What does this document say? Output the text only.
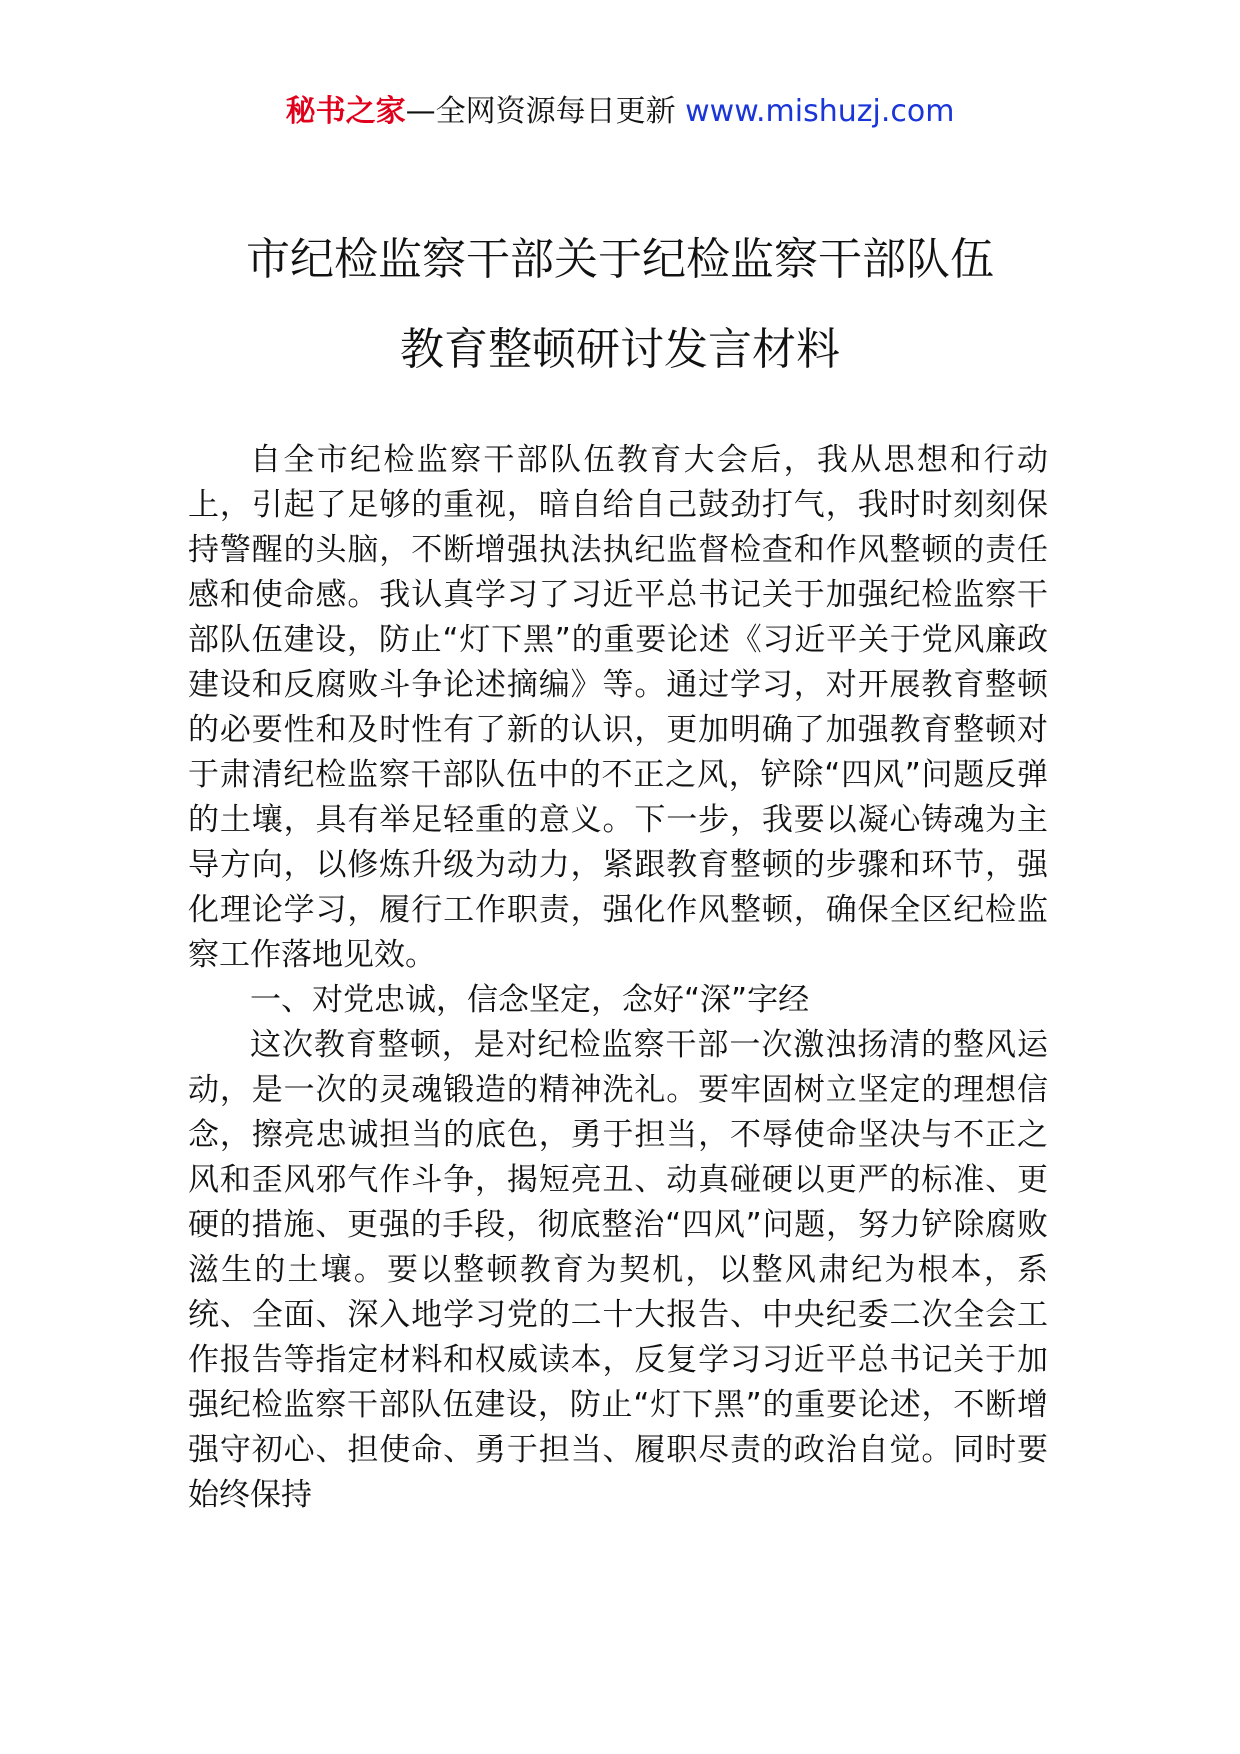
秘书之家—全网资源每日更新 www.mishuzj.com
市纪检监察干部关于纪检监察干部队伍
教育整顿研讨发言材料

自全市纪检监察干部队伍教育大会后，我从思想和行动上，引起了足够的重视，暗自给自己鼓劲打气，我时时刻刻保持警醒的头脑，不断增强执法执纪监督检查和作风整顿的责任感和使命感。我认真学习了习近平总书记关于加强纪检监察干部队伍建设，防止“灯下黑”的重要论述《习近平关于党风廉政建设和反腐败斗争论述摘编》等。通过学习，对开展教育整顿的必要性和及时性有了新的认识，更加明确了加强教育整顿对于肃清纪检监察干部队伍中的不正之风，铲除“四风”问题反弹的土壤，具有举足轻重的意义。下一步，我要以凝心铸魂为主导方向，以修炼升级为动力，紧跟教育整顿的步骤和环节，强化理论学习，履行工作职责，强化作风整顿，确保全区纪检监察工作落地见效。

一、对党忠诚，信念坚定，念好“深”字经

这次教育整顿，是对纪检监察干部一次激浊扬清的整风运动，是一次的灵魂锻造的精神洗礼。要牢固树立坚定的理想信念，擦亮忠诚担当的底色，勇于担当，不辱使命坚决与不正之风和歪风邪气作斗争，揭短亮丑、动真碰硬以更严的标准、更硬的措施、更强的手段，彻底整治“四风”问题，努力铲除腐败滋生的土壤。要以整顿教育为契机，以整风肃纪为根本，系统、全面、深入地学习党的二十大报告、中央纪委二次全会工作报告等指定材料和权威读本，反复学习习近平总书记关于加强纪检监察干部队伍建设，防止“灯下黑”的重要论述，不断增强守初心、担使命、勇于担当、履职尽责的政治自觉。同时要始终保持
